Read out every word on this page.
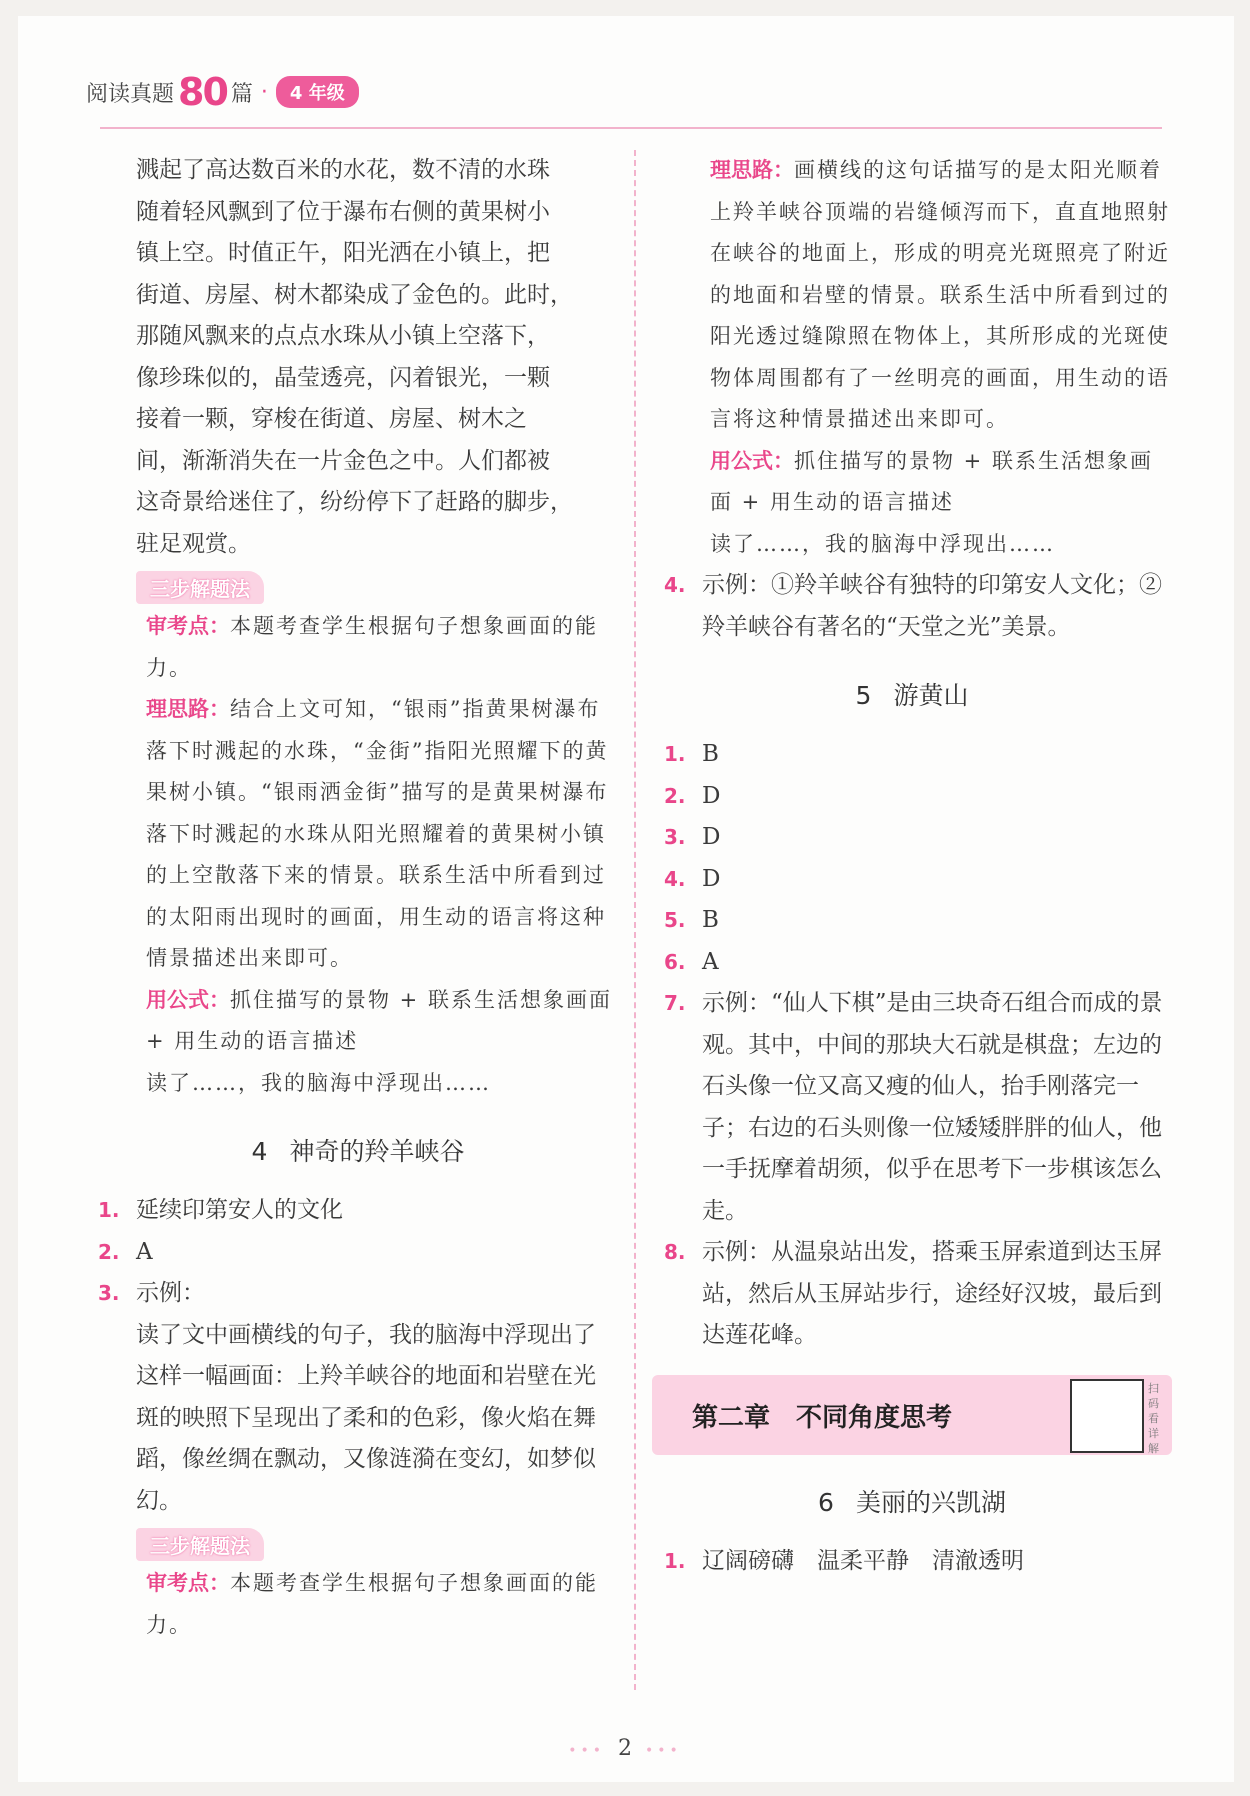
阅读真题 80 篇 ·	4 年级
溅起了高达数百米的水花，数不清的水珠
随着轻风飘到了位于瀑布右侧的黄果树小
镇上空。时值正午，阳光洒在小镇上，把
街道、房屋、树木都染成了金色的。此时，
那随风飘来的点点水珠从小镇上空落下，
像珍珠似的，晶莹透亮，闪着银光，一颗
接着一颗，穿梭在街道、房屋、树木之
间，渐渐消失在一片金色之中。人们都被
这奇景给迷住了，纷纷停下了赶路的脚步，
驻足观赏。
三步解题法
审考点：本题考查学生根据句子想象画面的能力。
理思路：结合上文可知，“银雨”指黄果树瀑布落下时溅起的水珠，“金街”指阳光照耀下的黄果树小镇。“银雨洒金街”描写的是黄果树瀑布落下时溅起的水珠从阳光照耀着的黄果树小镇的上空散落下来的情景。联系生活中所看到过的太阳雨出现时的画面，用生动的语言将这种情景描述出来即可。
用公式：抓住描写的景物 + 联系生活想象画面 + 用生动的语言描述
读了……，我的脑海中浮现出……
4 神奇的羚羊峡谷
1. 延续印第安人的文化
2. A
3. 示例：
读了文中画横线的句子，我的脑海中浮现出了这样一幅画面：上羚羊峡谷的地面和岩壁在光斑的映照下呈现出了柔和的色彩，像火焰在舞蹈，像丝绸在飘动，又像涟漪在变幻，如梦似幻。
三步解题法
审考点：本题考查学生根据句子想象画面的能力。
理思路：画横线的这句话描写的是太阳光顺着上羚羊峡谷顶端的岩缝倾泻而下，直直地照射在峡谷的地面上，形成的明亮光斑照亮了附近的地面和岩壁的情景。联系生活中所看到过的阳光透过缝隙照在物体上，其所形成的光斑使物体周围都有了一丝明亮的画面，用生动的语言将这种情景描述出来即可。
用公式：抓住描写的景物 + 联系生活想象画面 + 用生动的语言描述
读了……，我的脑海中浮现出……
4. 示例：①羚羊峡谷有独特的印第安人文化；②羚羊峡谷有著名的“天堂之光”美景。
5 游黄山
1. B
2. D
3. D
4. D
5. B
6. A
7. 示例：“仙人下棋”是由三块奇石组合而成的景观。其中，中间的那块大石就是棋盘；左边的石头像一位又高又瘦的仙人，抬手刚落完一子；右边的石头则像一位矮矮胖胖的仙人，他一手抚摩着胡须，似乎在思考下一步棋该怎么走。
8. 示例：从温泉站出发，搭乘玉屏索道到达玉屏站，然后从玉屏站步行，途经好汉坡，最后到达莲花峰。
第二章　不同角度思考
扫码看详解
6 美丽的兴凯湖
1. 辽阔磅礴　温柔平静　清澈透明
••• 2 •••
